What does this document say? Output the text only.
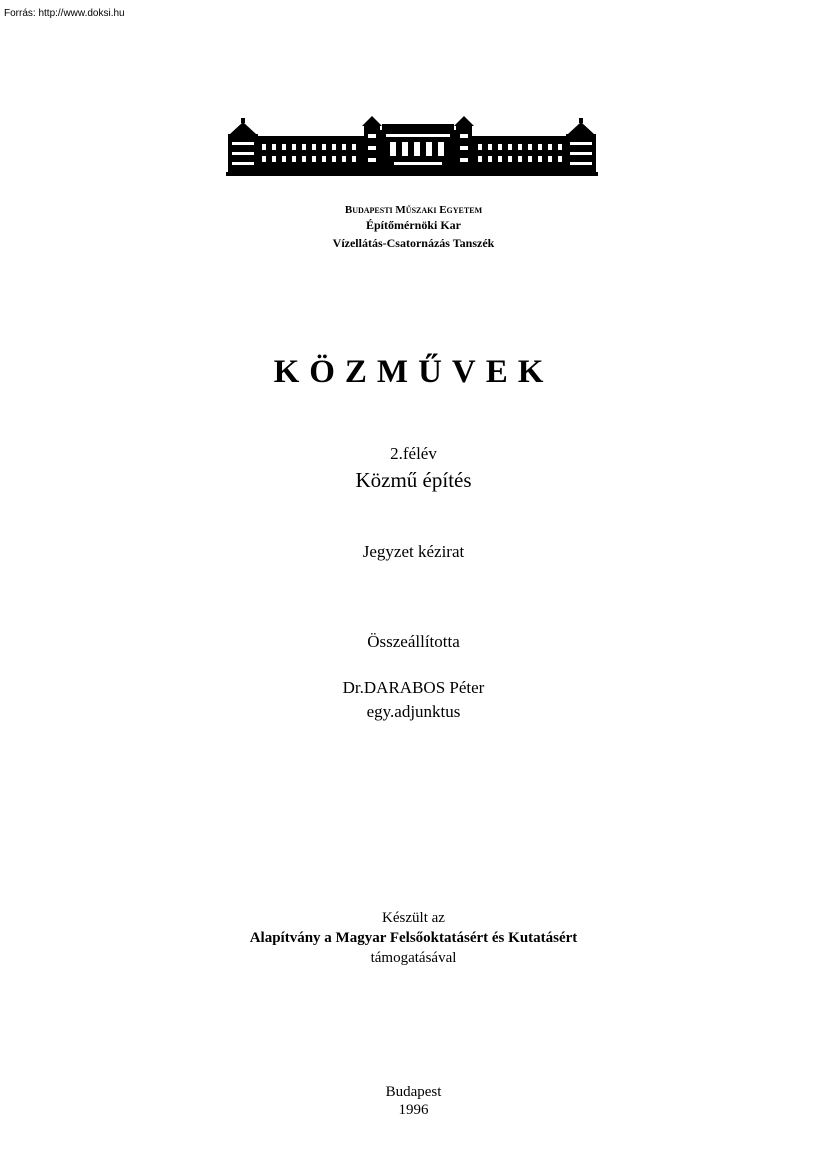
Forrás: http://www.doksi.hu
Budapesti Műszaki Egyetem
Építőmérnöki Kar
Vízellátás-Csatornázás Tanszék
KÖZMŰVEK
2.félév
Közmű építés
Jegyzet kézirat
Összeállította
Dr.DARABOS Péter
egy.adjunktus
Készült az
Alapítvány a Magyar Felsőoktatásért és Kutatásért
támogatásával
Budapest
1996
